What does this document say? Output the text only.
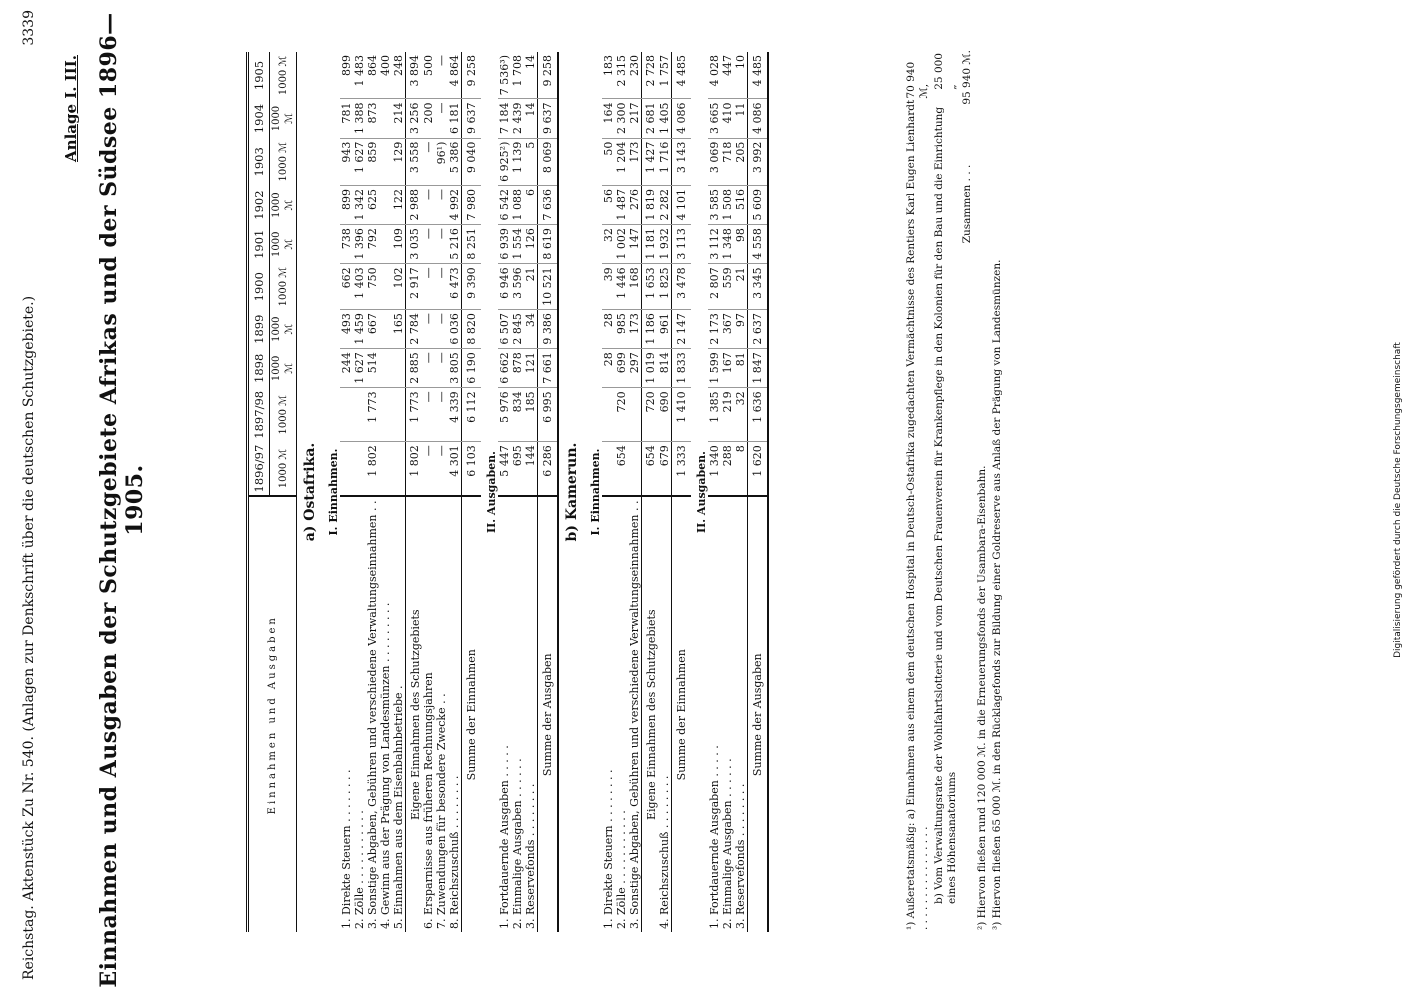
Reichstag. Aktenstück Zu Nr. 540. (Anlagen zur Denkschrift über die deutschen Schutzgebiete.)
3339
Anlage I. III. Einnahmen und Ausgaben der Schutzgebiete Afrikas und der Südsee 1896—1905.
Einnahmen und Ausgaben	1896/97	1897/98	1898	1899	1900	1901	1902	1903	1904	1905
	1000 ℳ	1000 ℳ	1000 ℳ	1000 ℳ	1000 ℳ	1000 ℳ	1000 ℳ	1000 ℳ	1000 ℳ	1000 ℳ
a) Ostafrika.										
I. Einnahmen.										
1. Direkte Steuern . . . . . . . .			244	493	662	738	899	943	781	899
2. Zölle . . . . . . . . . . .			1 627	1 459	1 403	1 396	1 342	1 627	1 388	1 483
3. Sonstige Abgaben, Gebühren und verschiedene Verwaltungseinnahmen . .	1 802	1 773	514	667	750	792	625	859	873	864
4. Gewinn aus der Prägung von Landesmünzen . . . . . . . . .										400
5. Einnahmen aus dem Eisenbahnbetriebe .				165	102	109	122	129	214	248
Eigene Einnahmen des Schutzgebiets	1 802	1 773	2 885	2 784	2 917	3 035	2 988	3 558	3 256	3 894
6. Ersparnisse aus früheren Rechnungsjahren	—	—	—	—	—	—	—	—	200	500
7. Zuwendungen für besondere Zwecke . .	—	—	—	—	—	—	—	96¹)	—	—
8. Reichszuschuß . . . . . . . .	4 301	4 339	3 805	6 036	6 473	5 216	4 992	5 386	6 181	4 864
Summe der Einnahmen	6 103	6 112	6 190	8 820	9 390	8 251	7 980	9 040	9 637	9 258
II. Ausgaben.										
1. Fortdauernde Ausgaben . . . . .	5 447	5 976	6 662	6 507	6 946	6 939	6 542	6 925²)	7 184	7 536³)
2. Einmalige Ausgaben . . . . . .	695	834	878	2 845	3 596	1 554	1 088	1 139	2 439	1 708
3. Reservefonds . . . . . . . .	144	185	121	34	21	126	6	5	14	14
Summe der Ausgaben	6 286	6 995	7 661	9 386	10 521	8 619	7 636	8 069	9 637	9 258
b) Kamerun.										
I. Einnahmen.										
1. Direkte Steuern . . . . . . . .			28	28	39	32	56	50	164	183
2. Zölle . . . . . . . . . . .	654	720	699	985	1 446	1 002	1 487	1 204	2 300	2 315
3. Sonstige Abgaben, Gebühren und verschiedene Verwaltungseinnahmen . .			297	173	168	147	276	173	217	230
Eigene Einnahmen des Schutzgebiets	654	720	1 019	1 186	1 653	1 181	1 819	1 427	2 681	2 728
4. Reichszuschuß . . . . . . . .	679	690	814	961	1 825	1 932	2 282	1 716	1 405	1 757
Summe der Einnahmen	1 333	1 410	1 833	2 147	3 478	3 113	4 101	3 143	4 086	4 485
II. Ausgaben.										
1. Fortdauernde Ausgaben . . . . .	1 340	1 385	1 599	2 173	2 807	3 112	3 585	3 069	3 665	4 028
2. Einmalige Ausgaben . . . . . .	288	219	167	367	559	1 348	1 508	718	410	447
3. Reservefonds . . . . . . . .	8	32	81	97	21	98	516	205	11	10
Summe der Ausgaben	1 620	1 636	1 847	2 637	3 345	4 558	5 609	3 992	4 086	4 485
¹) Außeretatsmäßig: a) Einnahmen aus einem dem deutschen Hospital in Deutsch-Ostafrika zugedachten Vermächtnisse des Rentiers Karl Eugen Lienhardt . . . . . . . . . . . . . . . .
70 940 ℳ,
b) Vom Verwaltungsrate der Wohlfahrtslotterie und vom Deutschen Frauenverein für Krankenpflege in den Kolonien für den Bau und die Einrichtung eines Höhensanatoriums
25 000 „
Zusammen . . .
95 940 ℳ.
²) Hiervon fließen rund 120 000 ℳ. in die Erneuerungsfonds der Usambara-Eisenbahn. ³) Hiervon fließen 65 000 ℳ. in den Rücklagefonds zur Bildung einer Goldreserve aus Anlaß der Prägung von Landesmünzen.	Digitalisierung gefördert durch die Deutsche Forschungsgemeinschaft
